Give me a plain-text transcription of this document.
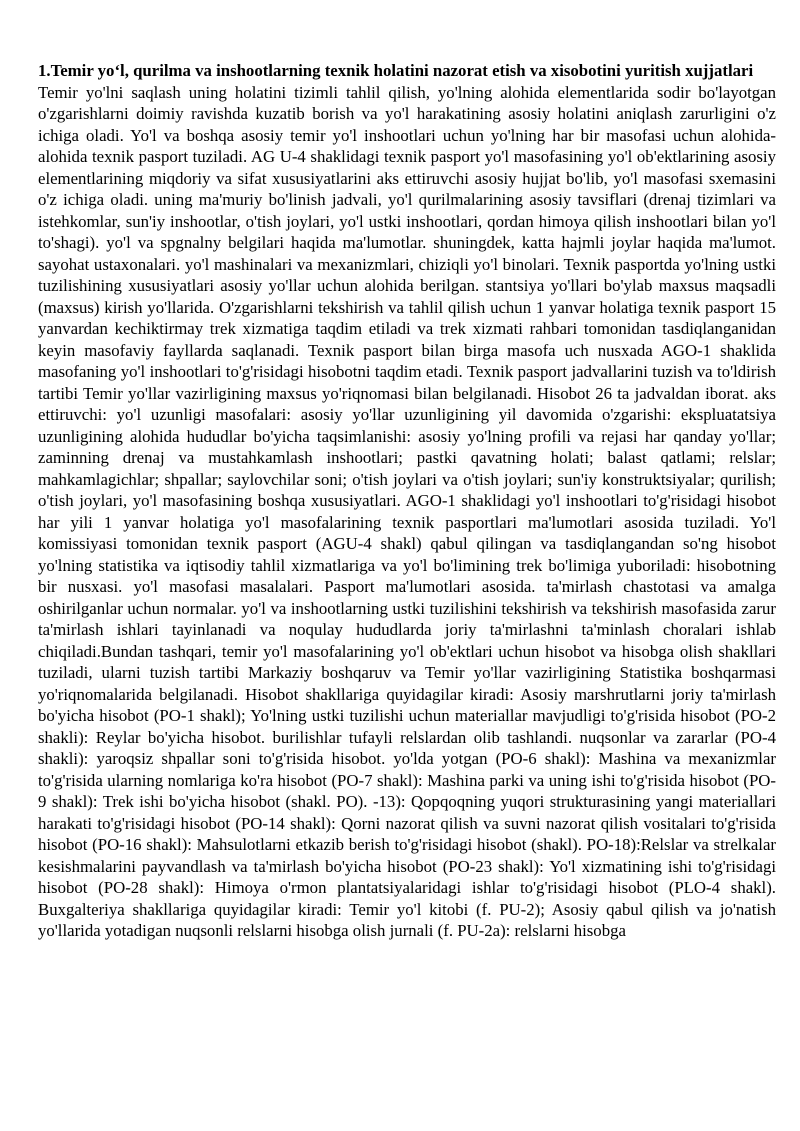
1.Temir yo‘l, qurilma va inshootlarning texnik holatini nazorat etish va xisobotini yuritish xujjatlari

Temir yo'lni saqlash uning holatini tizimli tahlil qilish, yo'lning alohida elementlarida sodir bo'layotgan o'zgarishlarni doimiy ravishda kuzatib borish va yo'l harakatining asosiy holatini aniqlash zarurligini o'z ichiga oladi. Yo'l va boshqa asosiy temir yo'l inshootlari uchun yo'lning har bir masofasi uchun alohida-alohida texnik pasport tuziladi. AG U-4 shaklidagi texnik pasport yo'l masofasining yo'l ob'ektlarining asosiy elementlarining miqdoriy va sifat xususiyatlarini aks ettiruvchi asosiy hujjat bo'lib, yo'l masofasi sxemasini o'z ichiga oladi. uning ma'muriy bo'linish jadvali, yo'l qurilmalarining asosiy tavsiflari (drenaj tizimlari va istehkomlar, sun'iy inshootlar, o'tish joylari, yo'l ustki inshootlari, qordan himoya qilish inshootlari bilan yo'l to'shagi). yo'l va spgnalny belgilari haqida ma'lumotlar. shuningdek, katta hajmli joylar haqida ma'lumot. sayohat ustaxonalari. yo'l mashinalari va mexanizmlari, chiziqli yo'l binolari. Texnik pasportda yo'lning ustki tuzilishining xususiyatlari asosiy yo'llar uchun alohida berilgan. stantsiya yo'llari bo'ylab maxsus maqsadli (maxsus) kirish yo'llarida. O'zgarishlarni tekshirish va tahlil qilish uchun 1 yanvar holatiga texnik pasport 15 yanvardan kechiktirmay trek xizmatiga taqdim etiladi va trek xizmati rahbari tomonidan tasdiqlanganidan keyin masofaviy fayllarda saqlanadi. Texnik pasport bilan birga masofa uch nusxada AGO-1 shaklida masofaning yo'l inshootlari to'g'risidagi hisobotni taqdim etadi. Texnik pasport jadvallarini tuzish va to'ldirish tartibi Temir yo'llar vazirligining maxsus yo'riqnomasi bilan belgilanadi. Hisobot 26 ta jadvaldan iborat. aks ettiruvchi: yo'l uzunligi masofalari: asosiy yo'llar uzunligining yil davomida o'zgarishi: ekspluatatsiya uzunligining alohida hududlar bo'yicha taqsimlanishi: asosiy yo'lning profili va rejasi har qanday yo'llar; zaminning drenaj va mustahkamlash inshootlari; pastki qavatning holati; balast qatlami; relslar; mahkamlagichlar; shpallar; saylovchilar soni; o'tish joylari va o'tish joylari; sun'iy konstruktsiyalar; qurilish; o'tish joylari, yo'l masofasining boshqa xususiyatlari. AGO-1 shaklidagi yo'l inshootlari to'g'risidagi hisobot har yili 1 yanvar holatiga yo'l masofalarining texnik pasportlari ma'lumotlari asosida tuziladi. Yo'l komissiyasi tomonidan texnik pasport (AGU-4 shakl) qabul qilingan va tasdiqlangandan so'ng hisobot yo'lning statistika va iqtisodiy tahlil xizmatlariga va yo'l bo'limining trek bo'limiga yuboriladi: hisobotning bir nusxasi. yo'l masofasi masalalari. Pasport ma'lumotlari asosida. ta'mirlash chastotasi va amalga oshirilganlar uchun normalar. yo'l va inshootlarning ustki tuzilishini tekshirish va tekshirish masofasida zarur ta'mirlash ishlari tayinlanadi va noqulay hududlarda joriy ta'mirlashni ta'minlash choralari ishlab chiqiladi.Bundan tashqari, temir yo'l masofalarining yo'l ob'ektlari uchun hisobot va hisobga olish shakllari tuziladi, ularni tuzish tartibi Markaziy boshqaruv va Temir yo'llar vazirligining Statistika boshqarmasi yo'riqnomalarida belgilanadi. Hisobot shakllariga quyidagilar kiradi: Asosiy marshrutlarni joriy ta'mirlash bo'yicha hisobot (PO-1 shakl); Yo'lning ustki tuzilishi uchun materiallar mavjudligi to'g'risida hisobot (PO-2 shakli): Reylar bo'yicha hisobot. burilishlar tufayli relslardan olib tashlandi. nuqsonlar va zararlar (PO-4 shakli): yaroqsiz shpallar soni to'g'risida hisobot. yo'lda yotgan (PO-6 shakl): Mashina va mexanizmlar to'g'risida ularning nomlariga ko'ra hisobot (PO-7 shakl): Mashina parki va uning ishi to'g'risida hisobot (PO-9 shakl): Trek ishi bo'yicha hisobot (shakl. PO). -13): Qopqoqning yuqori strukturasining yangi materiallari harakati to'g'risidagi hisobot (PO-14 shakl): Qorni nazorat qilish va suvni nazorat qilish vositalari to'g'risida hisobot (PO-16 shakl): Mahsulotlarni etkazib berish to'g'risidagi hisobot (shakl). PO-18):Relslar va strelkalar kesishmalarini payvandlash va ta'mirlash bo'yicha hisobot (PO-23 shakl): Yo'l xizmatining ishi to'g'risidagi hisobot (PO-28 shakl): Himoya o'rmon plantatsiyalaridagi ishlar to'g'risidagi hisobot (PLO-4 shakl). Buxgalteriya shakllariga quyidagilar kiradi: Temir yo'l kitobi (f. PU-2); Asosiy qabul qilish va jo'natish yo'llarida yotadigan nuqsonli relslarni hisobga olish jurnali (f. PU-2a): relslarni hisobga
